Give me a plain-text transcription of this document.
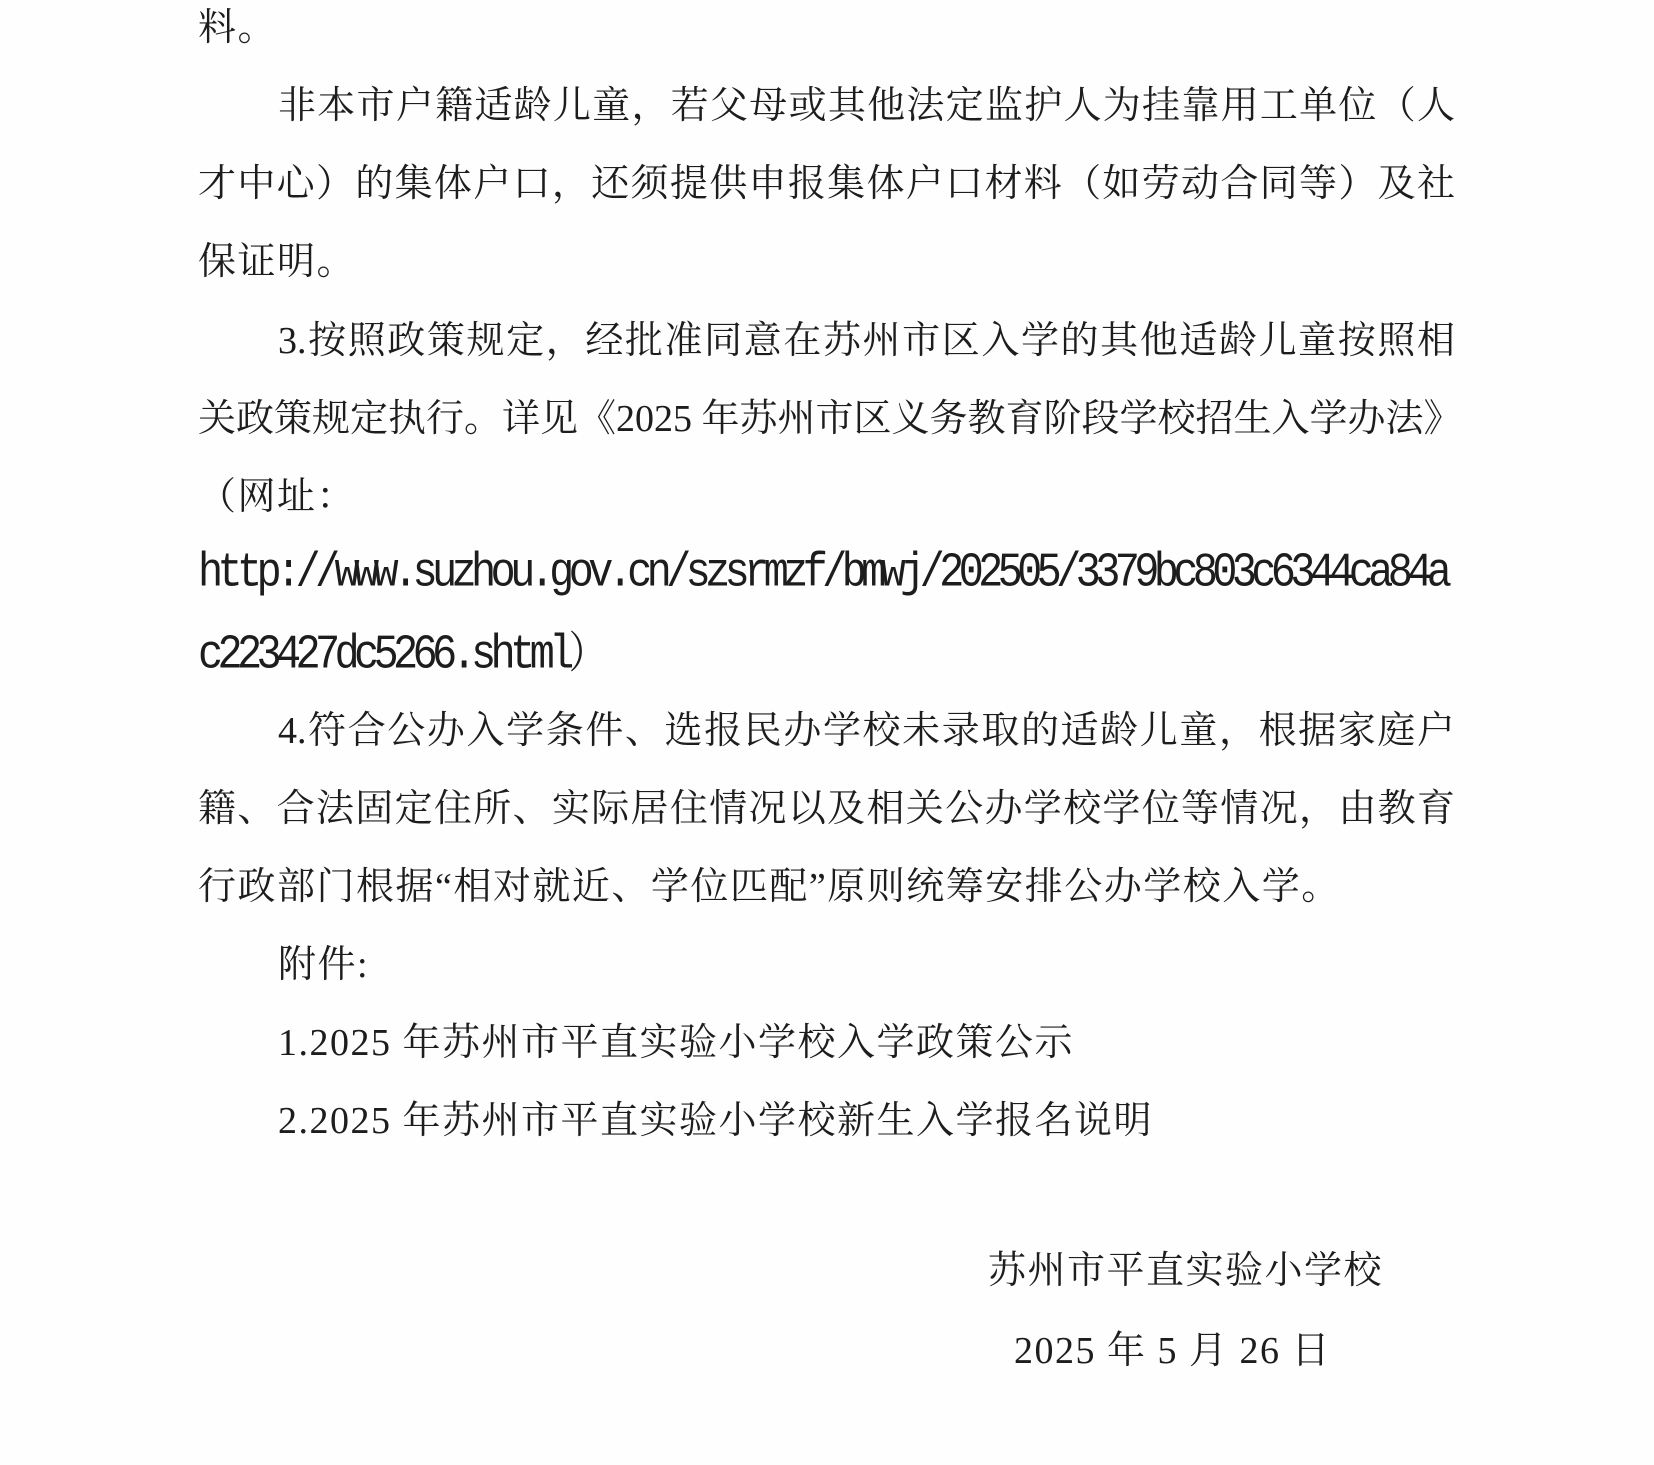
料。
非本市户籍适龄儿童，若父母或其他法定监护人为挂靠用工单位（人
才中心）的集体户口，还须提供申报集体户口材料（如劳动合同等）及社
保证明。
3.按照政策规定，经批准同意在苏州市区入学的其他适龄儿童按照相
关政策规定执行。详见《2025 年苏州市区义务教育阶段学校招生入学办法》
（网址：
http://www.suzhou.gov.cn/szsrmzf/bmwj/202505/3379bc803c6344ca84a
c223427dc5266.shtml）
4.符合公办入学条件、选报民办学校未录取的适龄儿童，根据家庭户
籍、合法固定住所、实际居住情况以及相关公办学校学位等情况，由教育
行政部门根据“相对就近、学位匹配”原则统筹安排公办学校入学。
附件:
1.2025 年苏州市平直实验小学校入学政策公示
2.2025 年苏州市平直实验小学校新生入学报名说明
苏州市平直实验小学校
2025 年 5 月 26 日
